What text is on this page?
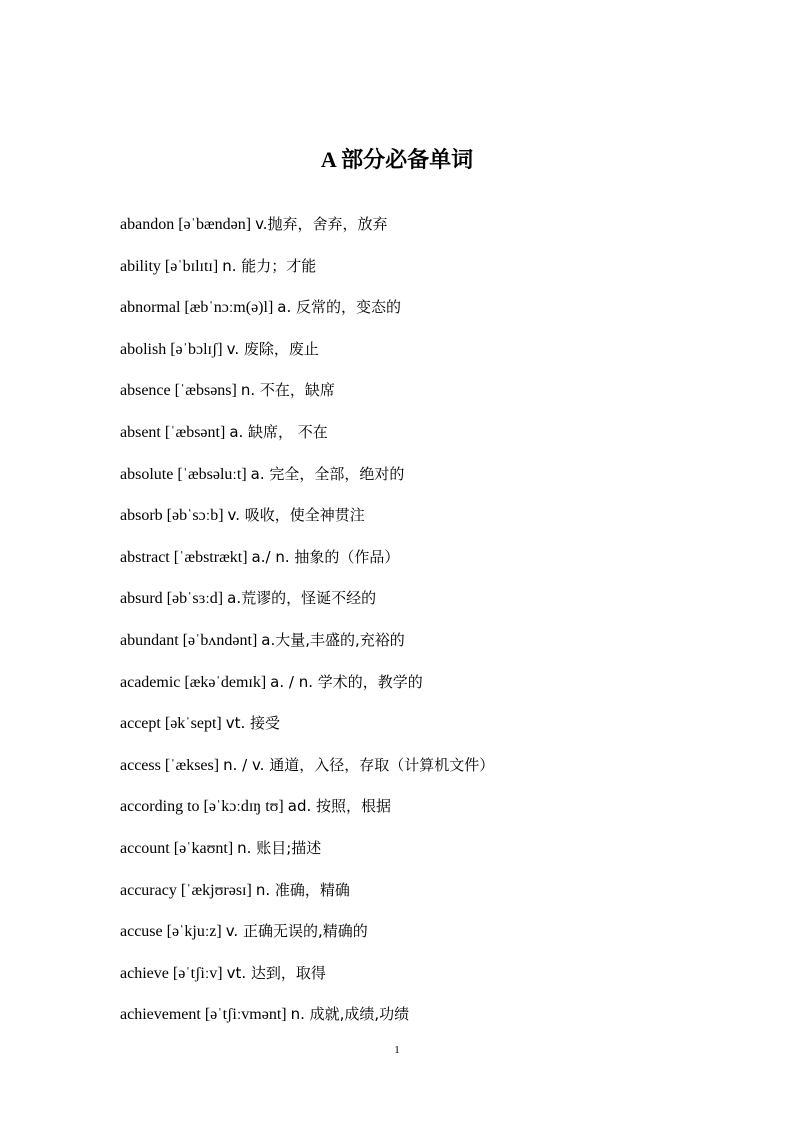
A 部分必备单词
abandon [əˈbændən] v.抛弃，舍弃，放弃
ability [əˈbɪlɪtɪ] n. 能力；才能
abnormal [æbˈnɔːm(ə)l] a. 反常的，变态的
abolish [əˈbɔlɪʃ] v. 废除，废止
absence [ˈæbsəns] n. 不在，缺席
absent [ˈæbsənt] a. 缺席， 不在
absolute [ˈæbsəluːt] a. 完全，全部，绝对的
absorb [əbˈsɔːb] v. 吸收，使全神贯注
abstract [ˈæbstrækt] a./ n. 抽象的（作品）
absurd [əbˈsɜːd] a.荒谬的，怪诞不经的
abundant [əˈbʌndənt] a.大量,丰盛的,充裕的
academic [ækəˈdemɪk] a. / n. 学术的，教学的
accept [əkˈsept] vt. 接受
access [ˈækses] n. / v. 通道，入径，存取（计算机文件）
according to [əˈkɔːdɪŋ tʊ] ad. 按照，根据
account [əˈkaʊnt] n. 账目;描述
accuracy [ˈækjʊrəsɪ] n. 准确，精确
accuse [əˈkjuːz] v. 正确无误的,精确的
achieve [əˈtʃiːv] vt. 达到，取得
achievement [əˈtʃiːvmənt] n. 成就,成绩,功绩
1
